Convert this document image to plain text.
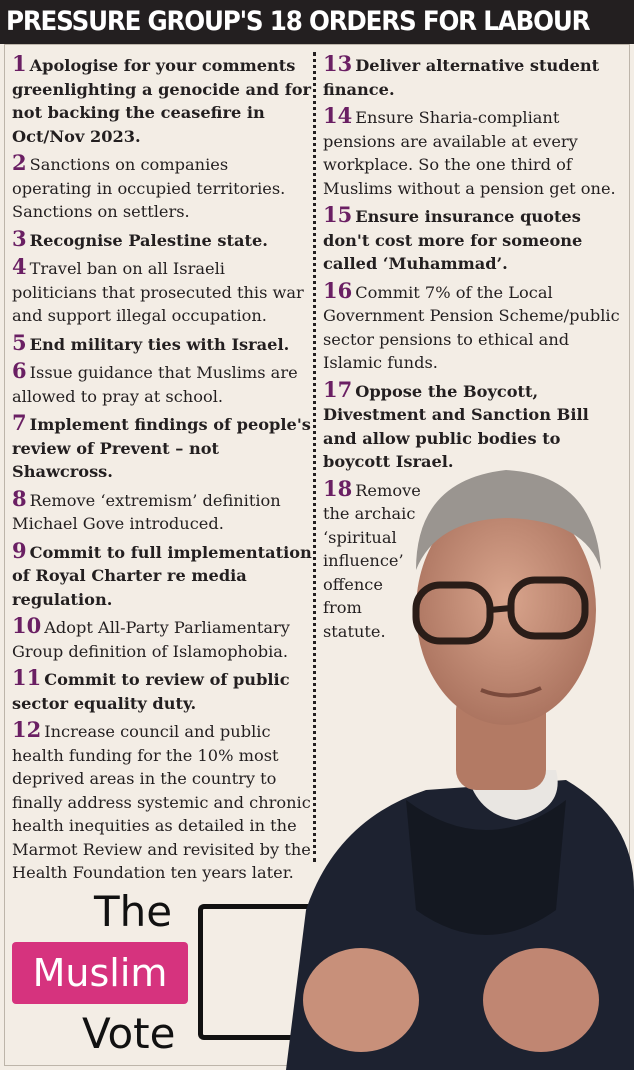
PRESSURE GROUP'S 18 ORDERS FOR LABOUR
1 Apologise for your comments greenlighting a genocide and for not backing the ceasefire in Oct/Nov 2023.
2 Sanctions on companies operating in occupied territories. Sanctions on settlers.
3 Recognise Palestine state.
4 Travel ban on all Israeli politicians that prosecuted this war and support illegal occupation.
5 End military ties with Israel.
6 Issue guidance that Muslims are allowed to pray at school.
7 Implement findings of people's review of Prevent – not Shawcross.
8 Remove ‘extremism’ definition Michael Gove introduced.
9 Commit to full implementation of Royal Charter re media regulation.
10 Adopt All-Party Parliamentary Group definition of Islamophobia.
11 Commit to review of public sector equality duty.
12 Increase council and public health funding for the 10% most deprived areas in the country to finally address systemic and chronic health inequities as detailed in the Marmot Review and revisited by the Health Foundation ten years later.
13 Deliver alternative student finance.
14 Ensure Sharia-compliant pensions are available at every workplace. So the one third of Muslims without a pension get one.
15 Ensure insurance quotes don't cost more for someone called ‘Muhammad’.
16 Commit 7% of the Local Government Pension Scheme/public sector pensions to ethical and Islamic funds.
17 Oppose the Boycott, Divestment and Sanction Bill and allow public bodies to boycott Israel.
18 Remove the archaic ‘spiritual influence’ offence from statute.
The
Muslim
Vote
